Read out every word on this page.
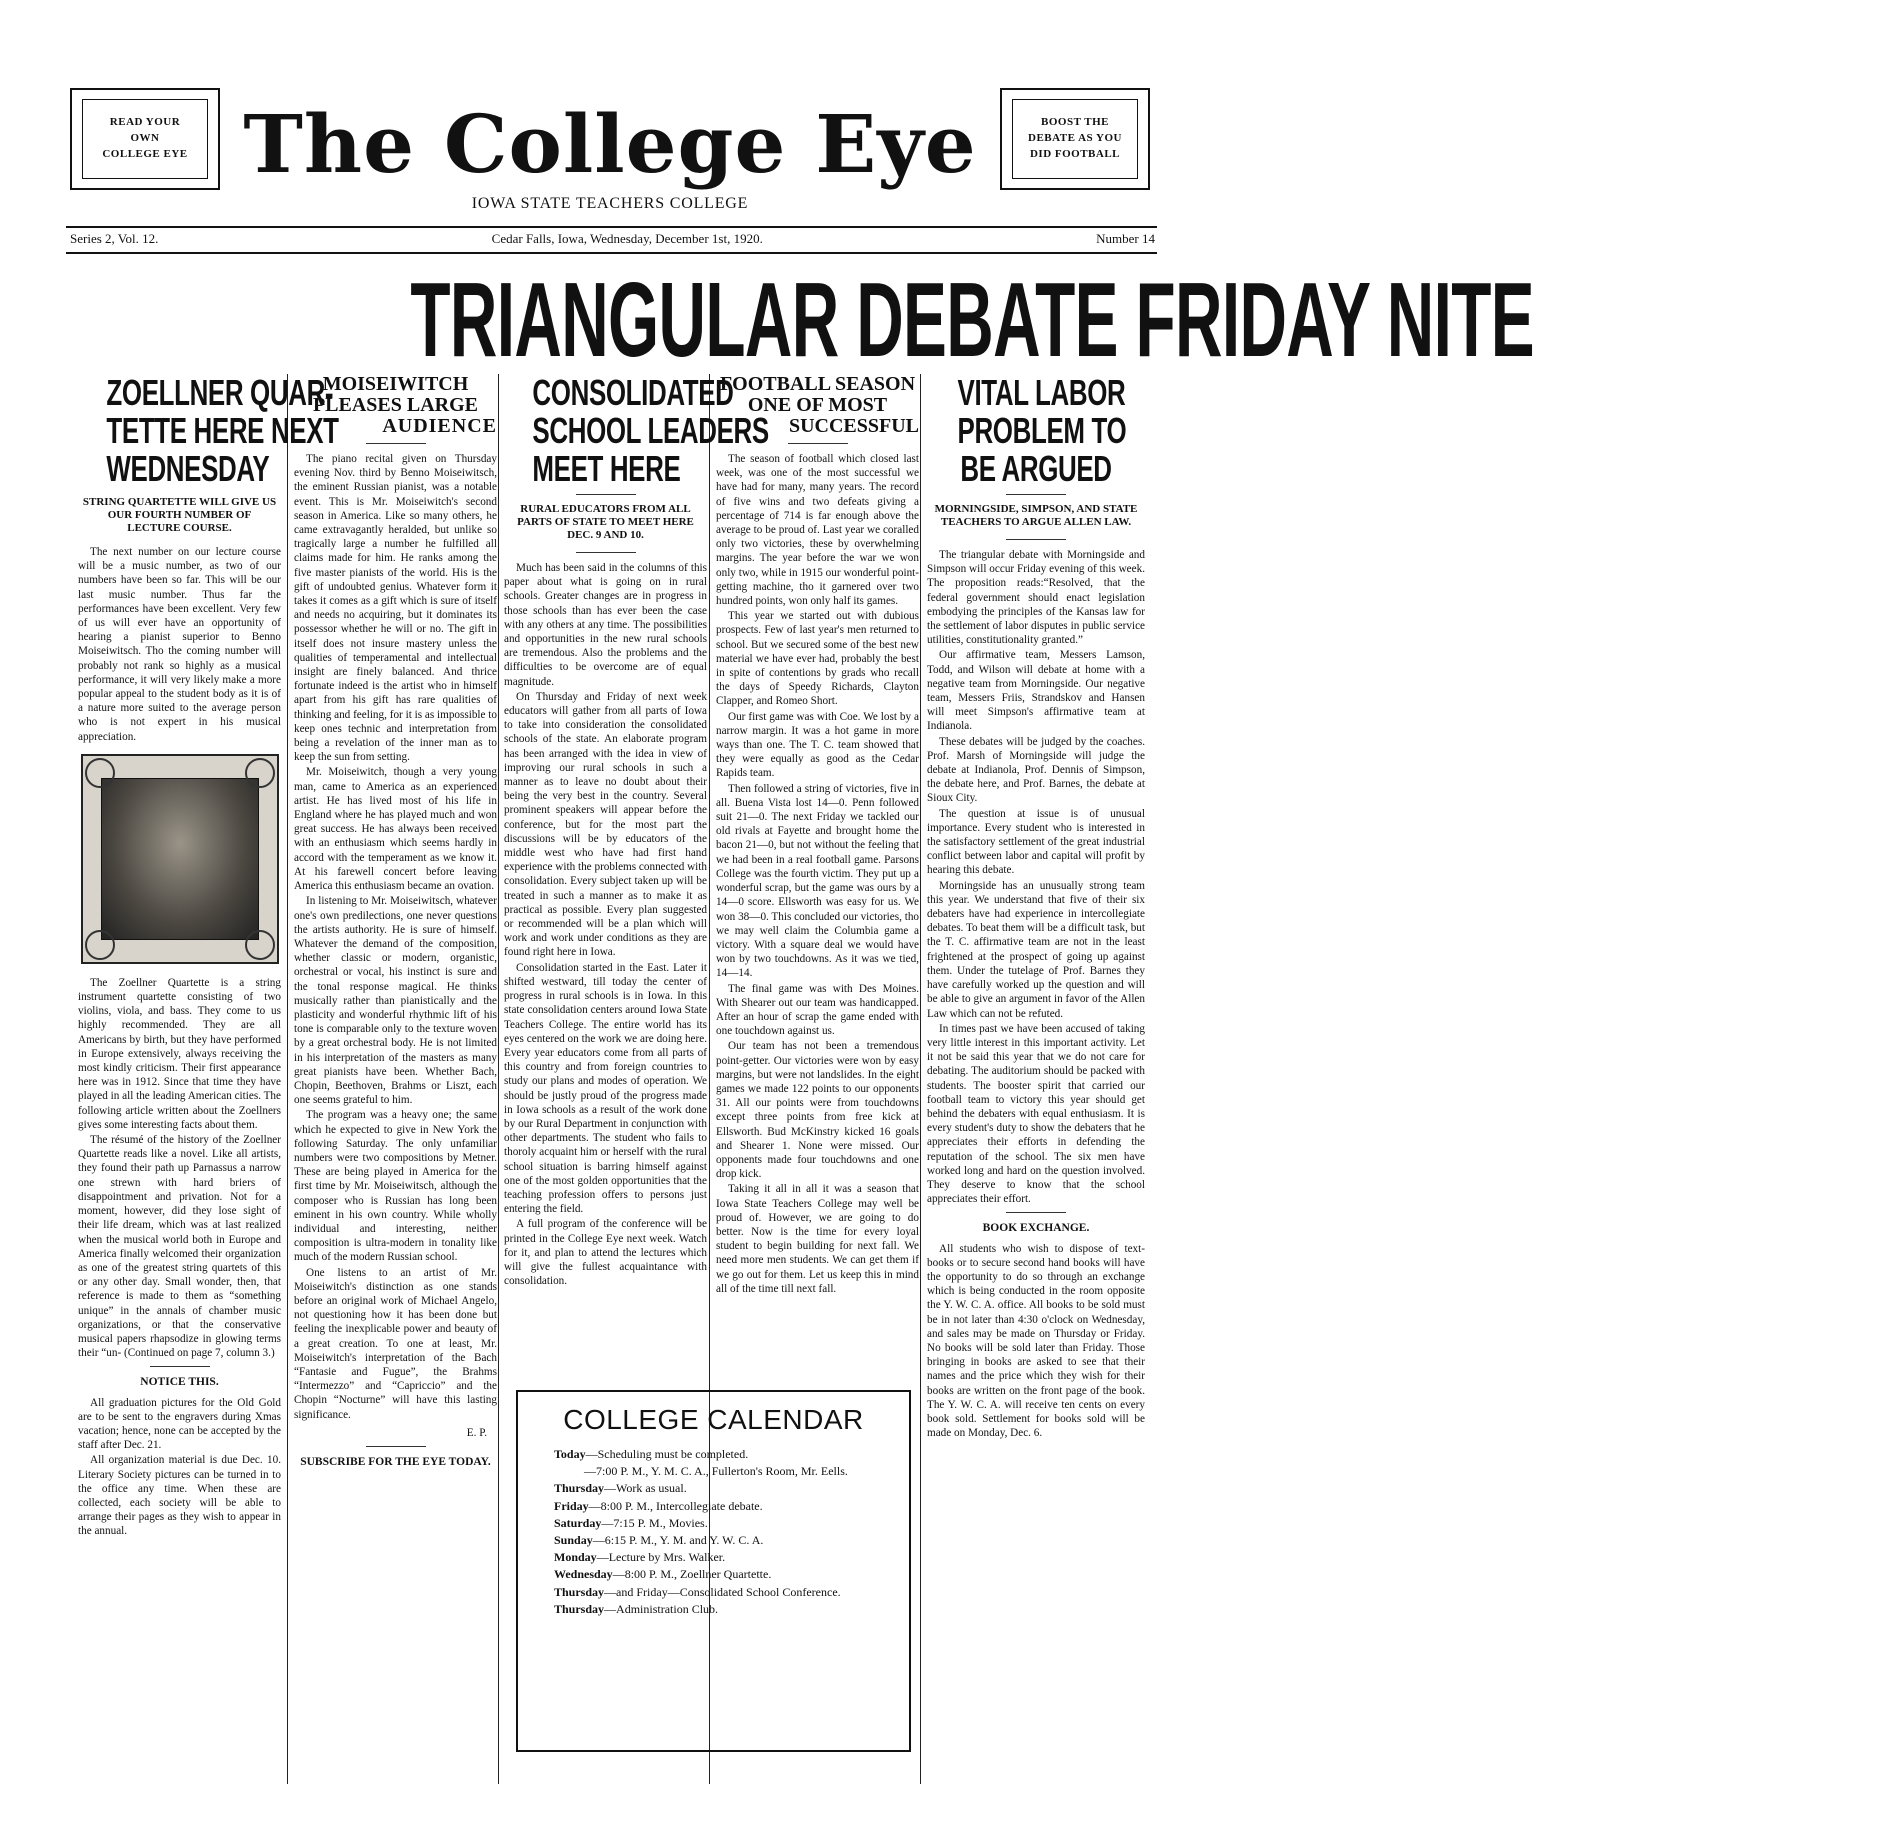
READ YOUR
OWN
COLLEGE EYE The College Eye
IOWA STATE TEACHERS COLLEGE
BOOST THE
DEBATE AS YOU
DID FOOTBALL
Series 2, Vol. 12.	Cedar Falls, Iowa, Wednesday, December 1st, 1920.	Number 14
TRIANGULAR DEBATE FRIDAY NITE
ZOELLNER QUAR-
TETTE HERE NEXT
WEDNESDAY
STRING QUARTETTE WILL GIVE US OUR FOURTH NUMBER OF LECTURE COURSE.

The next number on our lecture course will be a music number, as two of our numbers have been so far. This will be our last music number. Thus far the performances have been excellent. Very few of us will ever have an opportunity of hearing a pianist superior to Benno Moiseiwitsch. Tho the coming number will probably not rank so highly as a musical performance, it will very likely make a more popular appeal to the student body as it is of a nature more suited to the average person who is not expert in his musical appreciation.

The Zoellner Quartette is a string instrument quartette consisting of two violins, viola, and bass. They come to us highly recommended. They are all Americans by birth, but they have performed in Europe extensively, always receiving the most kindly criticism. Their first appearance here was in 1912. Since that time they have played in all the leading American cities. The following article written about the Zoellners gives some interesting facts about them.

The résumé of the history of the Zoellner Quartette reads like a novel. Like all artists, they found their path up Parnassus a narrow one strewn with hard briers of disappointment and privation. Not for a moment, however, did they lose sight of their life dream, which was at last realized when the musical world both in Europe and America finally welcomed their organization as one of the greatest string quartets of this or any other day. Small wonder, then, that reference is made to them as “something unique” in the annals of chamber music organizations, or that the conservative musical papers rhapsodize in glowing terms their “un- (Continued on page 7, column 3.)

NOTICE THIS.

All graduation pictures for the Old Gold are to be sent to the engravers during Xmas vacation; hence, none can be accepted by the staff after Dec. 21.

All organization material is due Dec. 10. Literary Society pictures can be turned in to the office any time. When these are collected, each society will be able to arrange their pages as they wish to appear in the annual.

MOISEIWITCH
PLEASES LARGE
AUDIENCE

The piano recital given on Thursday evening Nov. third by Benno Moiseiwitsch, the eminent Russian pianist, was a notable event. This is Mr. Moiseiwitch's second season in America. Like so many others, he came extravagantly heralded, but unlike so tragically large a number he fulfilled all claims made for him. He ranks among the five master pianists of the world. His is the gift of undoubted genius. Whatever form it takes it comes as a gift which is sure of itself and needs no acquiring, but it dominates its possessor whether he will or no. The gift in itself does not insure mastery unless the qualities of temperamental and intellectual insight are finely balanced. And thrice fortunate indeed is the artist who in himself apart from his gift has rare qualities of thinking and feeling, for it is as impossible to keep ones technic and interpretation from being a revelation of the inner man as to keep the sun from setting.

Mr. Moiseiwitch, though a very young man, came to America as an experienced artist. He has lived most of his life in England where he has played much and won great success. He has always been received with an enthusiasm which seems hardly in accord with the temperament as we know it. At his farewell concert before leaving America this enthusiasm became an ovation.

In listening to Mr. Moiseiwitsch, whatever one's own predilections, one never questions the artists authority. He is sure of himself. Whatever the demand of the composition, whether classic or modern, organistic, orchestral or vocal, his instinct is sure and the tonal response magical. He thinks musically rather than pianistically and the plasticity and wonderful rhythmic lift of his tone is comparable only to the texture woven by a great orchestral body. He is not limited in his interpretation of the masters as many great pianists have been. Whether Bach, Chopin, Beethoven, Brahms or Liszt, each one seems grateful to him.

The program was a heavy one; the same which he expected to give in New York the following Saturday. The only unfamiliar numbers were two compositions by Metner. These are being played in America for the first time by Mr. Moiseiwitsch, although the composer who is Russian has long been eminent in his own country. While wholly individual and interesting, neither composition is ultra-modern in tonality like much of the modern Russian school.

One listens to an artist of Mr. Moiseiwitch's distinction as one stands before an original work of Michael Angelo, not questioning how it has been done but feeling the inexplicable power and beauty of a great creation. To one at least, Mr. Moiseiwitch's interpretation of the Bach “Fantasie and Fugue”, the Brahms “Intermezzo” and “Capriccio” and the Chopin “Nocturne” will have this lasting significance.

E. P.
SUBSCRIBE FOR THE EYE TODAY.
CONSOLIDATED
SCHOOL LEADERS
MEET HERE
RURAL EDUCATORS FROM ALL PARTS OF STATE TO MEET HERE DEC. 9 AND 10.

Much has been said in the columns of this paper about what is going on in rural schools. Greater changes are in progress in those schools than has ever been the case with any others at any time. The possibilities and opportunities in the new rural schools are tremendous. Also the problems and the difficulties to be overcome are of equal magnitude.

On Thursday and Friday of next week educators will gather from all parts of Iowa to take into consideration the consolidated schools of the state. An elaborate program has been arranged with the idea in view of improving our rural schools in such a manner as to leave no doubt about their being the very best in the country. Several prominent speakers will appear before the conference, but for the most part the discussions will be by educators of the middle west who have had first hand experience with the problems connected with consolidation. Every subject taken up will be treated in such a manner as to make it as practical as possible. Every plan suggested or recommended will be a plan which will work and work under conditions as they are found right here in Iowa.

Consolidation started in the East. Later it shifted westward, till today the center of progress in rural schools is in Iowa. In this state consolidation centers around Iowa State Teachers College. The entire world has its eyes centered on the work we are doing here. Every year educators come from all parts of this country and from foreign countries to study our plans and modes of operation. We should be justly proud of the progress made in Iowa schools as a result of the work done by our Rural Department in conjunction with other departments. The student who fails to thoroly acquaint him or herself with the rural school situation is barring himself against one of the most golden opportunities that the teaching profession offers to persons just entering the field.

A full program of the conference will be printed in the College Eye next week. Watch for it, and plan to attend the lectures which will give the fullest acquaintance with consolidation.

FOOTBALL SEASON
ONE OF MOST
SUCCESSFUL

The season of football which closed last week, was one of the most successful we have had for many, many years. The record of five wins and two defeats giving a percentage of 714 is far enough above the average to be proud of. Last year we coralled only two victories, these by overwhelming margins. The year before the war we won only two, while in 1915 our wonderful point-getting machine, tho it garnered over two hundred points, won only half its games.

This year we started out with dubious prospects. Few of last year's men returned to school. But we secured some of the best new material we have ever had, probably the best in spite of contentions by grads who recall the days of Speedy Richards, Clayton Clapper, and Romeo Short.

Our first game was with Coe. We lost by a narrow margin. It was a hot game in more ways than one. The T. C. team showed that they were equally as good as the Cedar Rapids team.

Then followed a string of victories, five in all. Buena Vista lost 14—0. Penn followed suit 21—0. The next Friday we tackled our old rivals at Fayette and brought home the bacon 21—0, but not without the feeling that we had been in a real football game. Parsons College was the fourth victim. They put up a wonderful scrap, but the game was ours by a 14—0 score. Ellsworth was easy for us. We won 38—0. This concluded our victories, tho we may well claim the Columbia game a victory. With a square deal we would have won by two touchdowns. As it was we tied, 14—14.

The final game was with Des Moines. With Shearer out our team was handicapped. After an hour of scrap the game ended with one touchdown against us.

Our team has not been a tremendous point-getter. Our victories were won by easy margins, but were not landslides. In the eight games we made 122 points to our opponents 31. All our points were from touchdowns except three points from free kick at Ellsworth. Bud McKinstry kicked 16 goals and Shearer 1. None were missed. Our opponents made four touchdowns and one drop kick.

Taking it all in all it was a season that Iowa State Teachers College may well be proud of. However, we are going to do better. Now is the time for every loyal student to begin building for next fall. We need more men students. We can get them if we go out for them. Let us keep this in mind all of the time till next fall.

VITAL LABOR
PROBLEM TO
BE ARGUED
MORNINGSIDE, SIMPSON, AND STATE TEACHERS TO ARGUE ALLEN LAW.

The triangular debate with Morningside and Simpson will occur Friday evening of this week. The proposition reads:“Resolved, that the federal government should enact legislation embodying the principles of the Kansas law for the settlement of labor disputes in public service utilities, constitutionality granted.”

Our affirmative team, Messers Lamson, Todd, and Wilson will debate at home with a negative team from Morningside. Our negative team, Messers Friis, Strandskov and Hansen will meet Simpson's affirmative team at Indianola.

These debates will be judged by the coaches. Prof. Marsh of Morningside will judge the debate at Indianola, Prof. Dennis of Simpson, the debate here, and Prof. Barnes, the debate at Sioux City.

The question at issue is of unusual importance. Every student who is interested in the satisfactory settlement of the great industrial conflict between labor and capital will profit by hearing this debate.

Morningside has an unusually strong team this year. We understand that five of their six debaters have had experience in intercollegiate debates. To beat them will be a difficult task, but the T. C. affirmative team are not in the least frightened at the prospect of going up against them. Under the tutelage of Prof. Barnes they have carefully worked up the question and will be able to give an argument in favor of the Allen Law which can not be refuted.

In times past we have been accused of taking very little interest in this important activity. Let it not be said this year that we do not care for debating. The auditorium should be packed with students. The booster spirit that carried our football team to victory this year should get behind the debaters with equal enthusiasm. It is every student's duty to show the debaters that he appreciates their efforts in defending the reputation of the school. The six men have worked long and hard on the question involved. They deserve to know that the school appreciates their effort.

BOOK EXCHANGE.

All students who wish to dispose of text-books or to secure second hand books will have the opportunity to do so through an exchange which is being conducted in the room opposite the Y. W. C. A. office. All books to be sold must be in not later than 4:30 o'clock on Wednesday, and sales may be made on Thursday or Friday. No books will be sold later than Friday. Those bringing in books are asked to see that their names and the price which they wish for their books are written on the front page of the book. The Y. W. C. A. will receive ten cents on every book sold. Settlement for books sold will be made on Monday, Dec. 6.

COLLEGE CALENDAR
Today—Scheduling must be completed.
—7:00 P. M., Y. M. C. A., Fullerton's Room, Mr. Eells.
Thursday—Work as usual.
Friday—8:00 P. M., Intercollegiate debate.
Saturday—7:15 P. M., Movies.
Sunday—6:15 P. M., Y. M. and Y. W. C. A.
Monday—Lecture by Mrs. Walker.
Wednesday—8:00 P. M., Zoellner Quartette.
Thursday—and Friday—Consolidated School Conference.
Thursday—Administration Club.
